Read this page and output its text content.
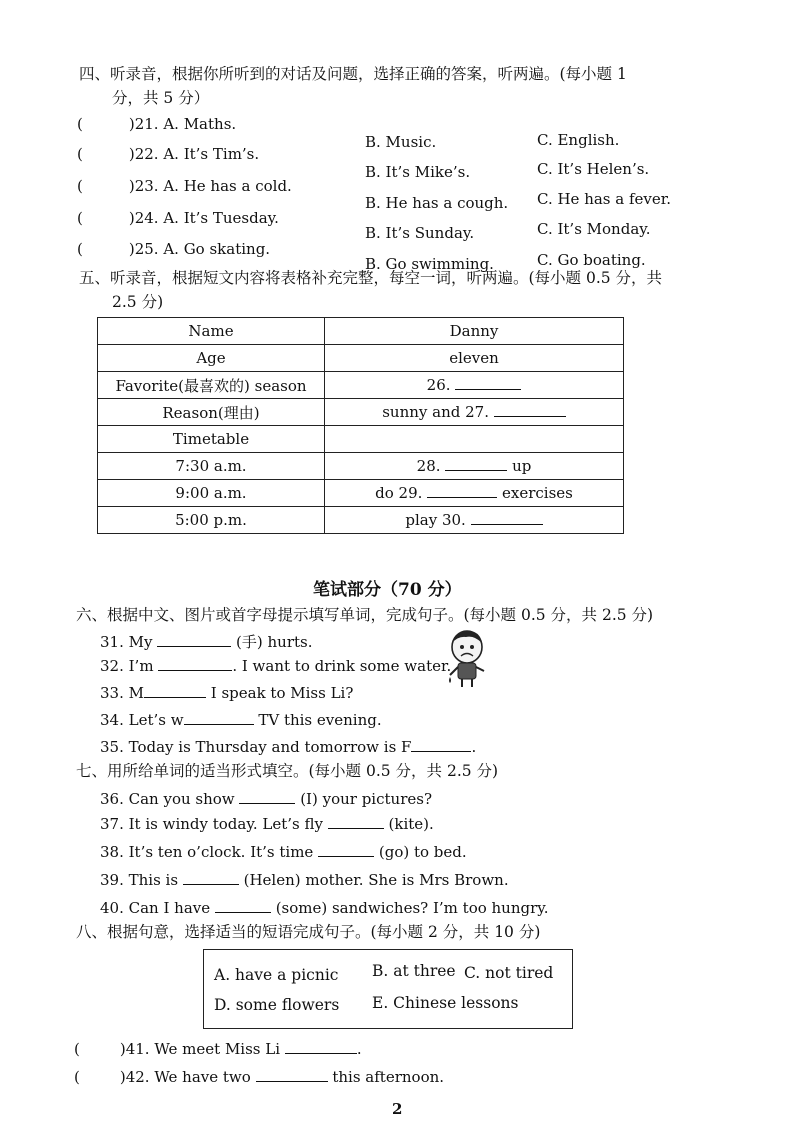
四、听录音，根据你所听到的对话及问题，选择正确的答案，听两遍。(每小题 1
分，共 5 分）
(	)21. A. Maths.
B. Music.	C. English.
(	)22. A. It’s Tim’s.
B. It’s Mike’s.	C. It’s Helen’s.
(	)23. A. He has a cold.
B. He has a cough. C. He has a fever.
(	)24. A. It’s Tuesday.
B. It’s Sunday.	C. It’s Monday.
(	)25. A. Go skating.
B. Go swimming.	C. Go boating.
五、听录音，根据短文内容将表格补充完整，每空一词，听两遍。(每小题 0.5 分，共
2.5 分)
Name	Danny
Age	eleven
Favorite(最喜欢的) season	26.
Reason(理由)	sunny and 27.
Timetable	
7:30 a.m.	28. up
9:00 a.m.	do 29. exercises
5:00 p.m.	play 30.
笔试部分（70 分）
六、根据中文、图片或首字母提示填写单词，完成句子。(每小题 0.5 分，共 2.5 分)
31. My	(手) hurts.
32. I’m	. I want to drink some water.
33. M	I speak to Miss Li?
34. Let’s w	TV this evening.
35. Today is Thursday and tomorrow is F	.
七、用所给单词的适当形式填空。(每小题 0.5 分，共 2.5 分)
36. Can you show	(I) your pictures?
37. It is windy today. Let’s fly	(kite).
38. It’s ten o’clock. It’s time	(go) to bed.
39. This is	(Helen) mother. She is Mrs Brown.
40. Can I have	(some) sandwiches? I’m too hungry.
八、根据句意，选择适当的短语完成句子。(每小题 2 分，共 10 分)
A. have a picnic B. at three C. not tired
D. some flowers E. Chinese lessons
(	)41. We meet Miss Li	.
(	)42. We have two	this afternoon.
2
